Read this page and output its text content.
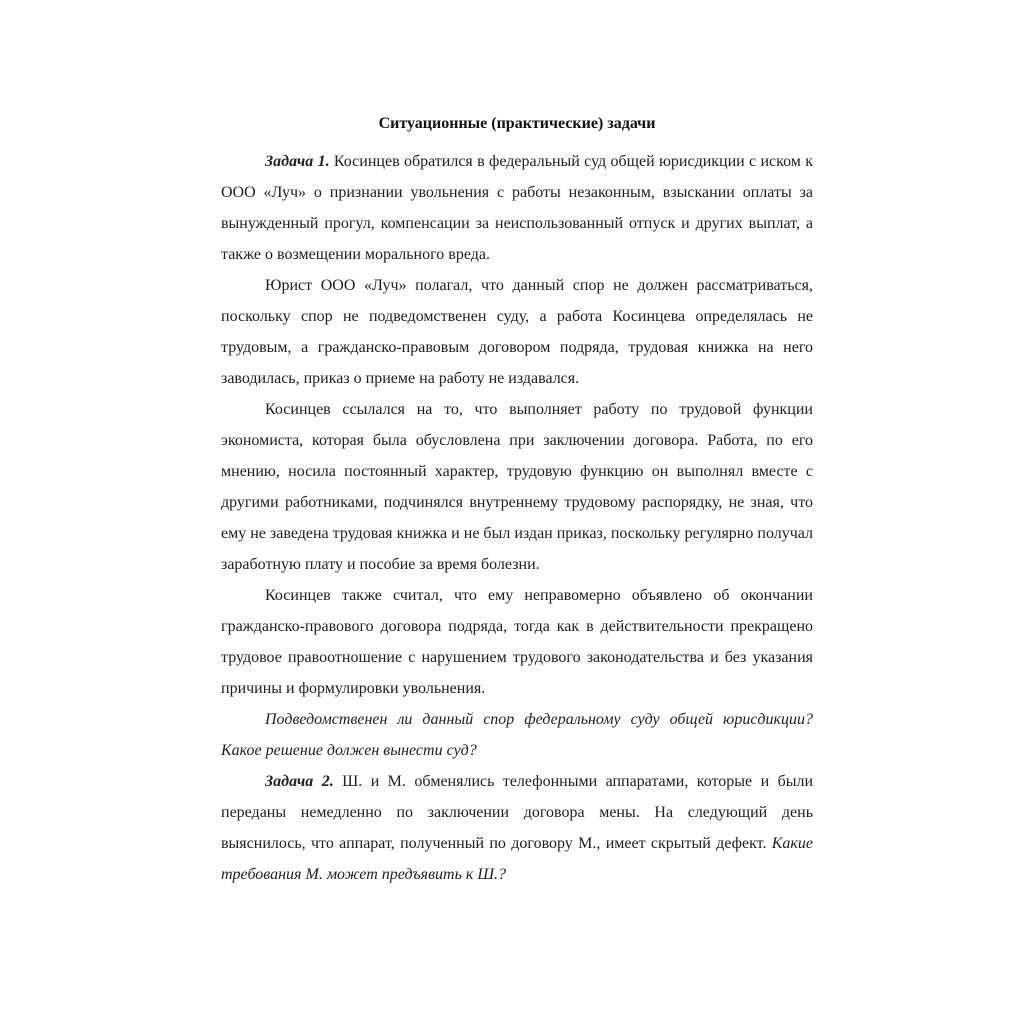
Ситуационные (практические) задачи

Задача 1. Косинцев обратился в федеральный суд общей юрисдикции с иском к ООО «Луч» о признании увольнения с работы незаконным, взыскании оплаты за вынужденный прогул, компенсации за неиспользованный отпуск и других выплат, а также о возмещении морального вреда.

Юрист ООО «Луч» полагал, что данный спор не должен рассматриваться, поскольку спор не подведомственен суду, а работа Косинцева определялась не трудовым, а гражданско-правовым договором подряда, трудовая книжка на него заводилась, приказ о приеме на работу не издавался.

Косинцев ссылался на то, что выполняет работу по трудовой функции экономиста, которая была обусловлена при заключении договора. Работа, по его мнению, носила постоянный характер, трудовую функцию он выполнял вместе с другими работниками, подчинялся внутреннему трудовому распорядку, не зная, что ему не заведена трудовая книжка и не был издан приказ, поскольку регулярно получал заработную плату и пособие за время болезни.

Косинцев также считал, что ему неправомерно объявлено об окончании гражданско-правового договора подряда, тогда как в действительности прекращено трудовое правоотношение с нарушением трудового законодательства и без указания причины и формулировки увольнения.

Подведомственен ли данный спор федеральному суду общей юрисдикции? Какое решение должен вынести суд?

Задача 2. Ш. и М. обменялись телефонными аппаратами, которые и были переданы немедленно по заключении договора мены. На следующий день выяснилось, что аппарат, полученный по договору М., имеет скрытый дефект. Какие требования М. может предъявить к Ш.?
